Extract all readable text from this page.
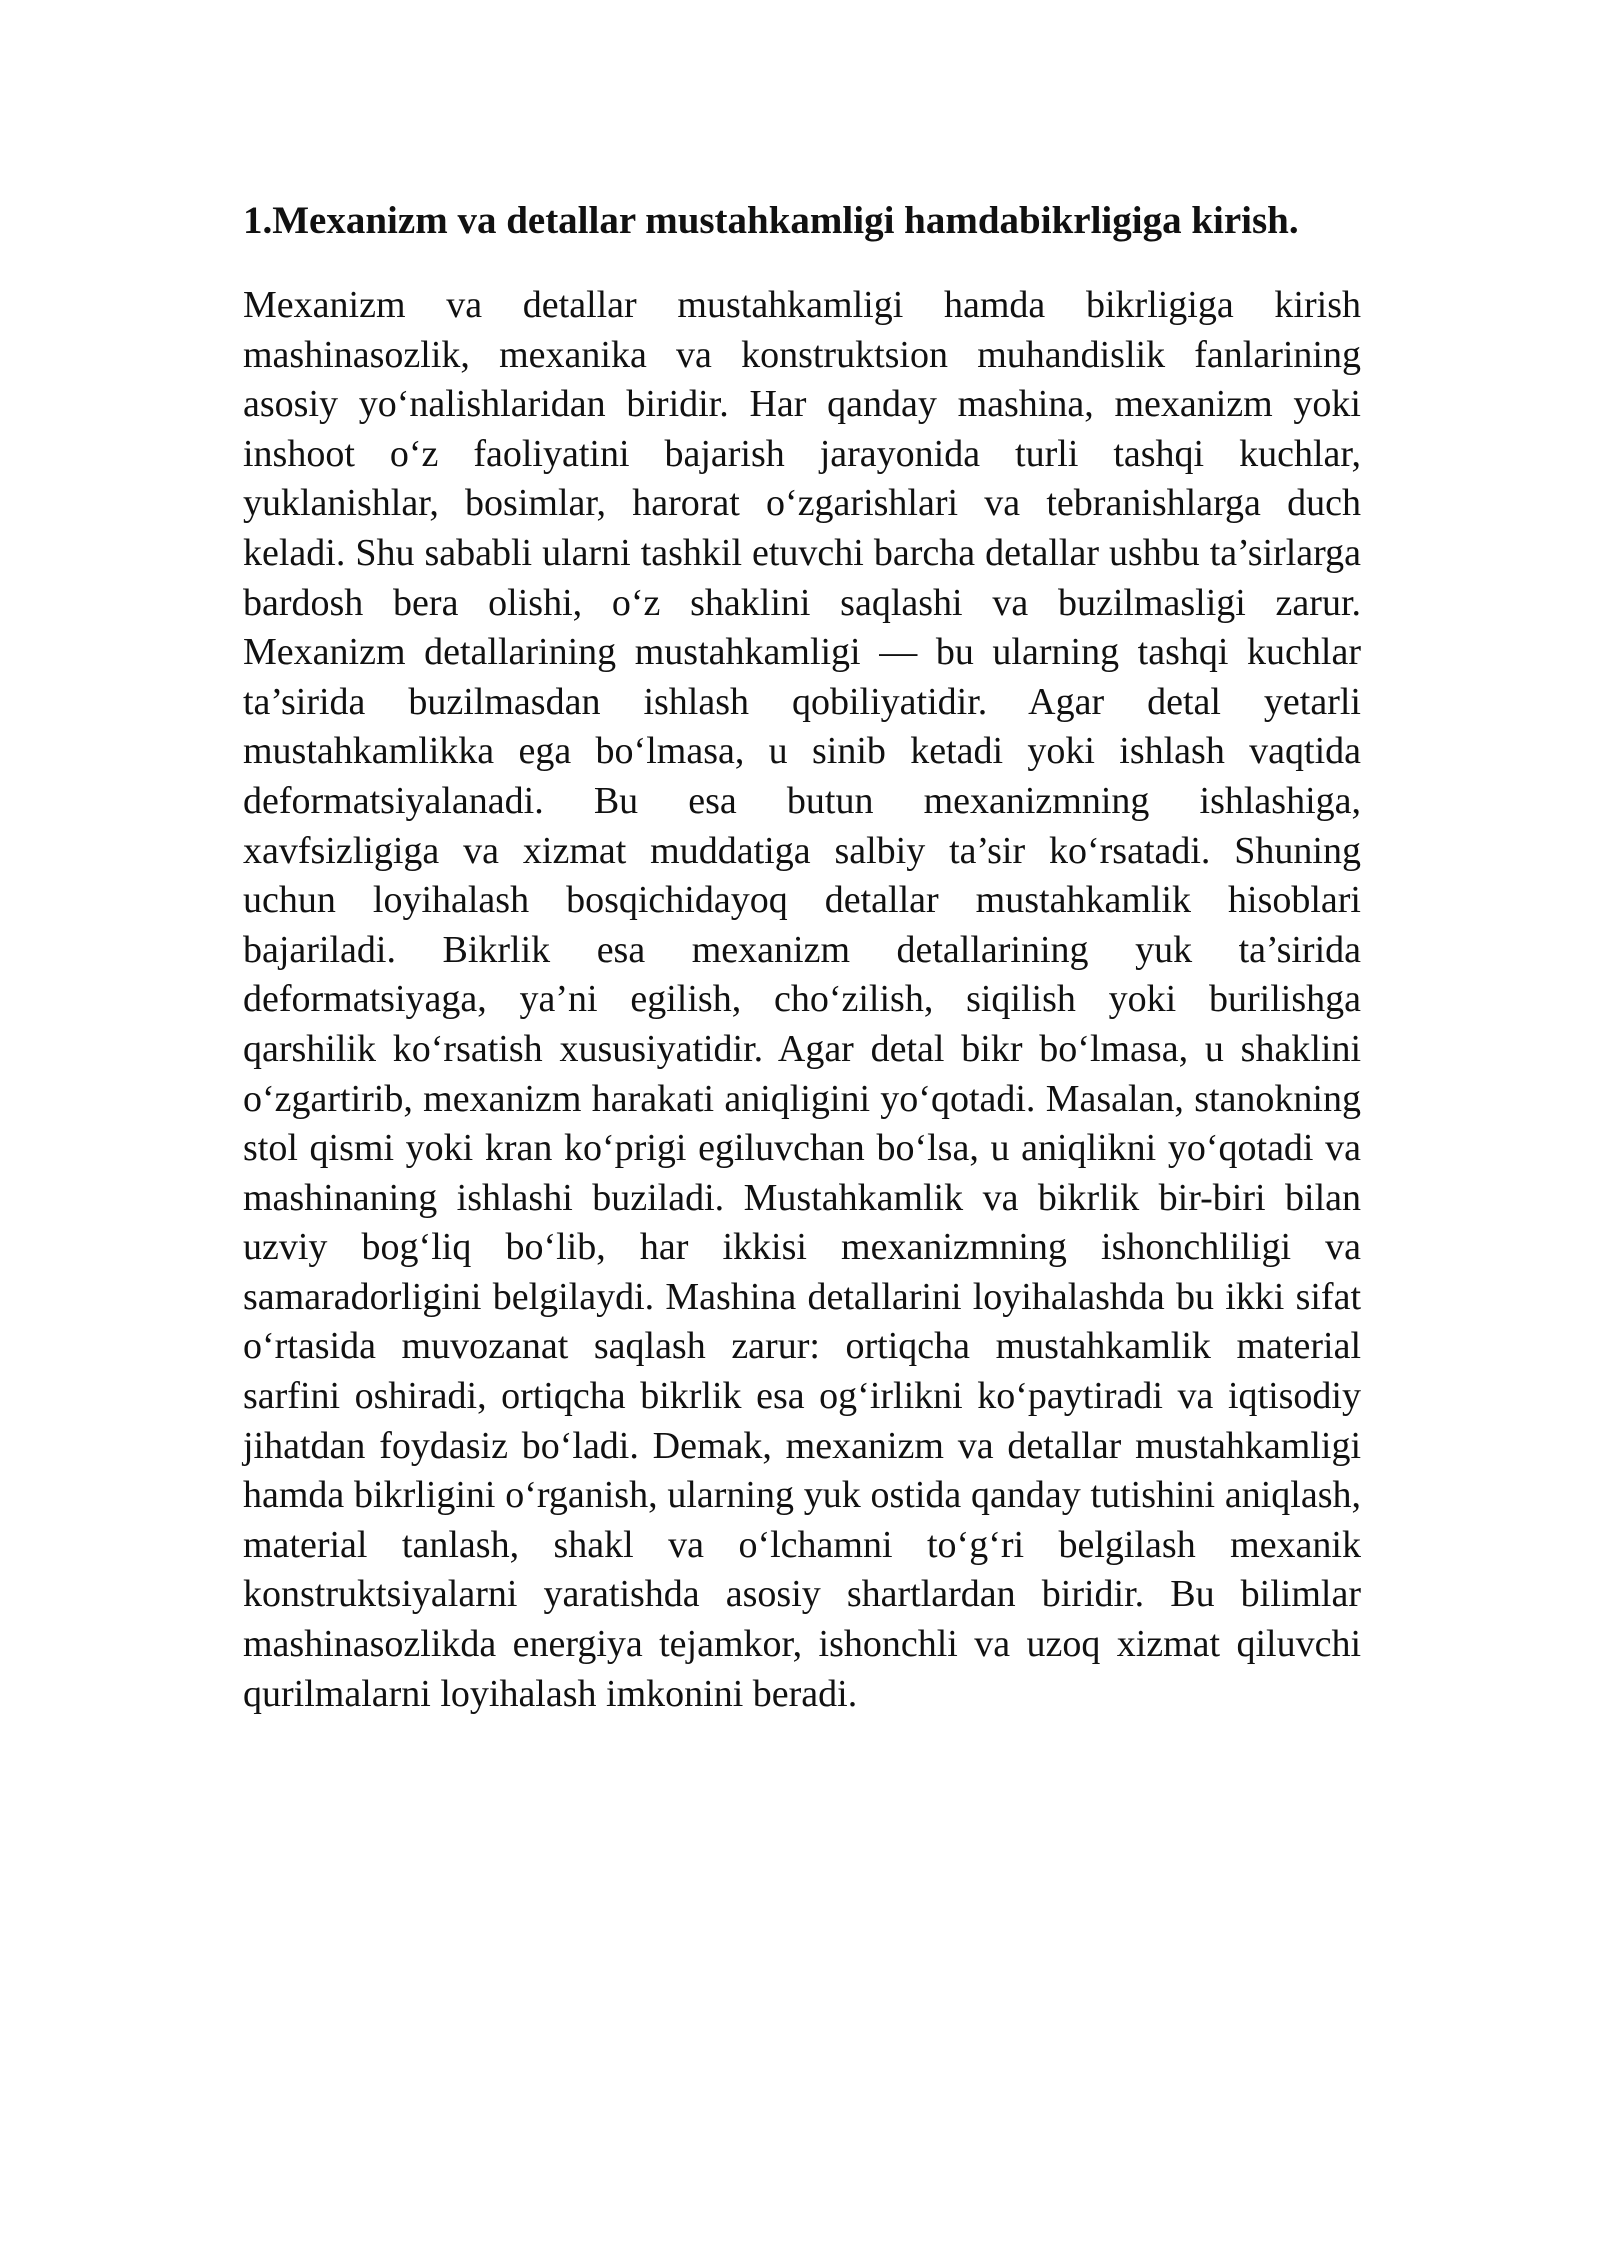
1.Mexanizm va detallar mustahkamligi hamdabikrligiga kirish.

Mexanizm va detallar mustahkamligi hamda bikrligiga kirish mashinasozlik, mexanika va konstruktsion muhandislik fanlarining asosiy yo‘nalishlaridan biridir. Har qanday mashina, mexanizm yoki inshoot o‘z faoliyatini bajarish jarayonida turli tashqi kuchlar, yuklanishlar, bosimlar, harorat o‘zgarishlari va tebranishlarga duch keladi. Shu sababli ularni tashkil etuvchi barcha detallar ushbu ta’sirlarga bardosh bera olishi, o‘z shaklini saqlashi va buzilmasligi zarur. Mexanizm detallarining mustahkamligi — bu ularning tashqi kuchlar ta’sirida buzilmasdan ishlash qobiliyatidir. Agar detal yetarli mustahkamlikka ega bo‘lmasa, u sinib ketadi yoki ishlash vaqtida deformatsiyalanadi. Bu esa butun mexanizmning ishlashiga, xavfsizligiga va xizmat muddatiga salbiy ta’sir ko‘rsatadi. Shuning uchun loyihalash bosqichidayoq detallar mustahkamlik hisoblari bajariladi. Bikrlik esa mexanizm detallarining yuk ta’sirida deformatsiyaga, ya’ni egilish, cho‘zilish, siqilish yoki burilishga qarshilik ko‘rsatish xususiyatidir. Agar detal bikr bo‘lmasa, u shaklini o‘zgartirib, mexanizm harakati aniqligini yo‘qotadi. Masalan, stanokning stol qismi yoki kran ko‘prigi egiluvchan bo‘lsa, u aniqlikni yo‘qotadi va mashinaning ishlashi buziladi. Mustahkamlik va bikrlik bir-biri bilan uzviy bog‘liq bo‘lib, har ikkisi mexanizmning ishonchliligi va samaradorligini belgilaydi. Mashina detallarini loyihalashda bu ikki sifat o‘rtasida muvozanat saqlash zarur: ortiqcha mustahkamlik material sarfini oshiradi, ortiqcha bikrlik esa og‘irlikni ko‘paytiradi va iqtisodiy jihatdan foydasiz bo‘ladi. Demak, mexanizm va detallar mustahkamligi hamda bikrligini o‘rganish, ularning yuk ostida qanday tutishini aniqlash, material tanlash, shakl va o‘lchamni to‘g‘ri belgilash mexanik konstruktsiyalarni yaratishda asosiy shartlardan biridir. Bu bilimlar mashinasozlikda energiya tejamkor, ishonchli va uzoq xizmat qiluvchi qurilmalarni loyihalash imkonini beradi.
